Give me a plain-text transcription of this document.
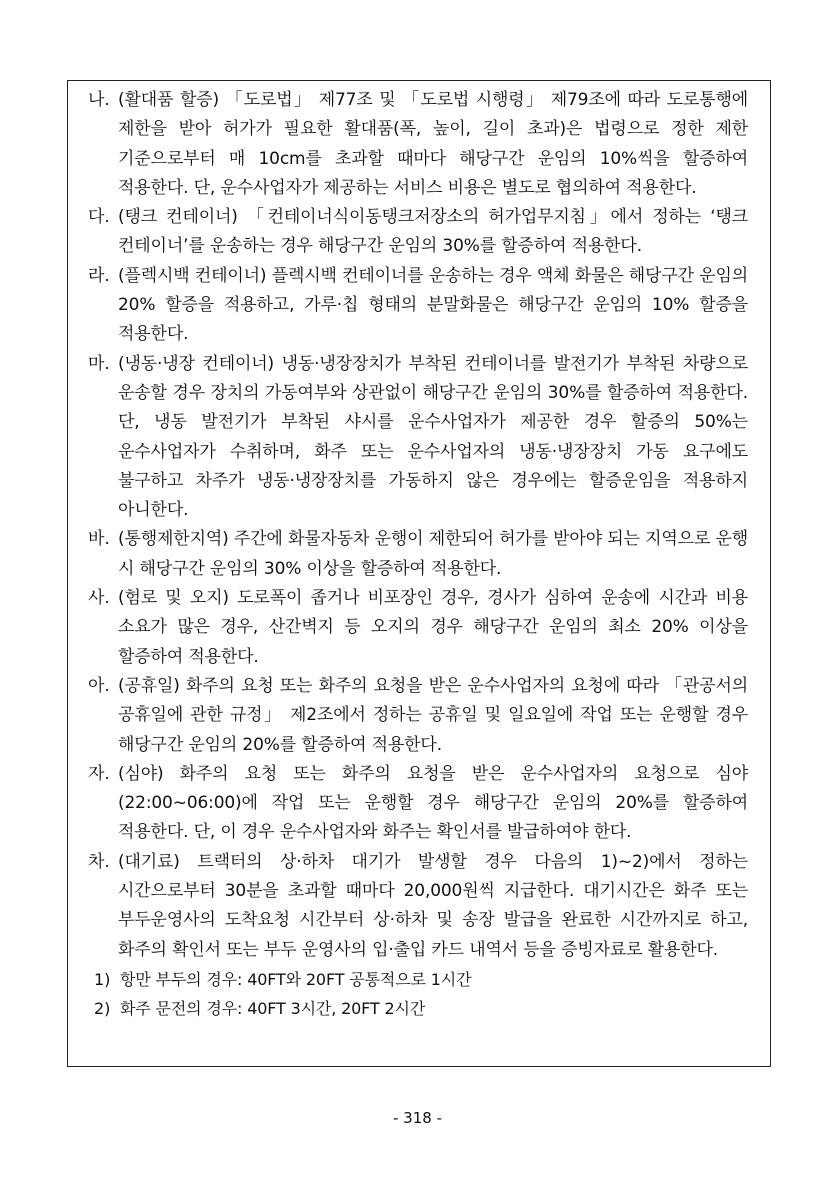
나. (활대품 할증) 「도로법」 제77조 및 「도로법 시행령」 제79조에 따라 도로통행에 제한을 받아 허가가 필요한 활대품(폭, 높이, 길이 초과)은 법령으로 정한 제한 기준으로부터 매 10cm를 초과할 때마다 해당구간 운임의 10%씩을 할증하여 적용한다. 단, 운수사업자가 제공하는 서비스 비용은 별도로 협의하여 적용한다.
다. (탱크 컨테이너) 「컨테이너식이동탱크저장소의 허가업무지침」에서 정하는 ‘탱크 컨테이너’를 운송하는 경우 해당구간 운임의 30%를 할증하여 적용한다.
라. (플렉시백 컨테이너) 플렉시백 컨테이너를 운송하는 경우 액체 화물은 해당구간 운임의 20% 할증을 적용하고, 가루·칩 형태의 분말화물은 해당구간 운임의 10% 할증을 적용한다.
마. (냉동·냉장 컨테이너) 냉동·냉장장치가 부착된 컨테이너를 발전기가 부착된 차량으로 운송할 경우 장치의 가동여부와 상관없이 해당구간 운임의 30%를 할증하여 적용한다. 단, 냉동 발전기가 부착된 샤시를 운수사업자가 제공한 경우 할증의 50%는 운수사업자가 수취하며, 화주 또는 운수사업자의 냉동·냉장장치 가동 요구에도 불구하고 차주가 냉동·냉장장치를 가동하지 않은 경우에는 할증운임을 적용하지 아니한다.
바. (통행제한지역) 주간에 화물자동차 운행이 제한되어 허가를 받아야 되는 지역으로 운행 시 해당구간 운임의 30% 이상을 할증하여 적용한다.
사. (험로 및 오지) 도로폭이 좁거나 비포장인 경우, 경사가 심하여 운송에 시간과 비용 소요가 많은 경우, 산간벽지 등 오지의 경우 해당구간 운임의 최소 20% 이상을 할증하여 적용한다.
아. (공휴일) 화주의 요청 또는 화주의 요청을 받은 운수사업자의 요청에 따라 「관공서의 공휴일에 관한 규정」 제2조에서 정하는 공휴일 및 일요일에 작업 또는 운행할 경우 해당구간 운임의 20%를 할증하여 적용한다.
자. (심야) 화주의 요청 또는 화주의 요청을 받은 운수사업자의 요청으로 심야(22:00~06:00)에 작업 또는 운행할 경우 해당구간 운임의 20%를 할증하여 적용한다. 단, 이 경우 운수사업자와 화주는 확인서를 발급하여야 한다.
차. (대기료) 트랙터의 상·하차 대기가 발생할 경우 다음의 1)~2)에서 정하는 시간으로부터 30분을 초과할 때마다 20,000원씩 지급한다. 대기시간은 화주 또는 부두운영사의 도착요청 시간부터 상·하차 및 송장 발급을 완료한 시간까지로 하고, 화주의 확인서 또는 부두 운영사의 입·출입 카드 내역서 등을 증빙자료로 활용한다.
1) 항만 부두의 경우: 40FT와 20FT 공통적으로 1시간
2) 화주 문전의 경우: 40FT 3시간, 20FT 2시간
- 318 -
